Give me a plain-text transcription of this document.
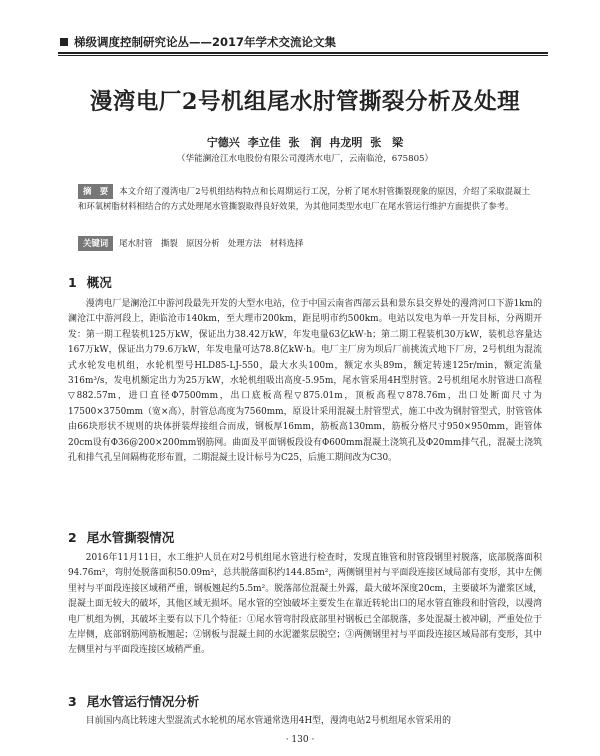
梯级调度控制研究论丛——2017年学术交流论文集
漫湾电厂2号机组尾水肘管撕裂分析及处理
宁德兴 李立佳 张　润 冉龙明 张　梁
（华能澜沧江水电股份有限公司漫湾水电厂，云南临沧，675805）
摘　要 本文介绍了漫湾电厂2号机组结构特点和长周期运行工况，分析了尾水肘管撕裂现象的原因，介绍了采取混凝土和环氧树脂材料相结合的方式处理尾水管撕裂取得良好效果，为其他同类型水电厂在尾水管运行维护方面提供了参考。
关键词 尾水肘管　撕裂　原因分析　处理方法　材料选择
1 概况

漫湾电厂是澜沧江中游河段最先开发的大型水电站，位于中国云南省西部云县和景东县交界处的漫湾河口下游1km的澜沧江中游河段上，距临沧市140km，至大理市200km，距昆明市约500km。电站以发电为单一开发目标，分两期开发：第一期工程装机125万kW，保证出力38.42万kW，年发电量63亿kW·h；第二期工程装机30万kW，装机总容量达167万kW，保证出力79.6万kW，年发电量可达78.8亿kW·h。电厂主厂房为坝后厂前挑流式地下厂房，2号机组为混流式水轮发电机组，水轮机型号HLD85-LJ-550，最大水头100m，额定水头89m，额定转速125r/min，额定流量316m³/s，发电机额定出力为25万kW，水轮机组吸出高度-5.95m，尾水管采用4H型肘管。2号机组尾水肘管进口高程▽882.57m，进口直径Φ7500mm，出口底板高程▽875.01m，顶板高程▽878.76m，出口处断面尺寸为17500×3750mm（宽×高），肘管总高度为7560mm，原设计采用混凝土肘管型式，施工中改为钢肘管型式，肘管管体由66块形状不规则的块体拼装焊接组合而成，钢板厚16mm，筋板高130mm，筋板分格尺寸950×950mm，距管体20cm设有Φ36@200×200mm钢筋网。曲面及平面钢板段设有Φ600mm混凝土浇筑孔及Φ20mm排气孔，混凝土浇筑孔和排气孔呈间隔梅花形布置，二期混凝土设计标号为C25，后施工期间改为C30。

2 尾水管撕裂情况

2016年11月11日，水工维护人员在对2号机组尾水管进行检查时，发现直锥管和肘管段钢里衬脱落，底部脱落面积94.76m²，弯肘处脱落面积50.09m²，总共脱落面积约144.85m²，两侧钢里衬与平面段连接区域局部有变形，其中左侧里衬与平面段连接区域稍严重，钢板翘起约5.5m²。脱落部位混凝土外露，最大破坏深度20cm，主要破坏为灌浆区域，混凝土面无较大的破坏，其他区域无损坏。尾水管的空蚀破坏主要发生在靠近转轮出口的尾水管直锥段和肘管段，以漫湾电厂机组为例，其破坏主要有以下几个特征：①尾水管弯肘段底部里衬钢板已全部脱落，多处混凝土被冲刷，严重处位于左岸侧，底部钢筋网筋板翘起；②钢板与混凝土间的水泥灌浆层脱空；③两侧钢里衬与平面段连接区域局部有变形，其中左侧里衬与平面段连接区域稍严重。

3 尾水管运行情况分析

目前国内高比转速大型混流式水轮机的尾水管通常选用4H型，漫湾电站2号机组尾水管采用的

· 130 ·
